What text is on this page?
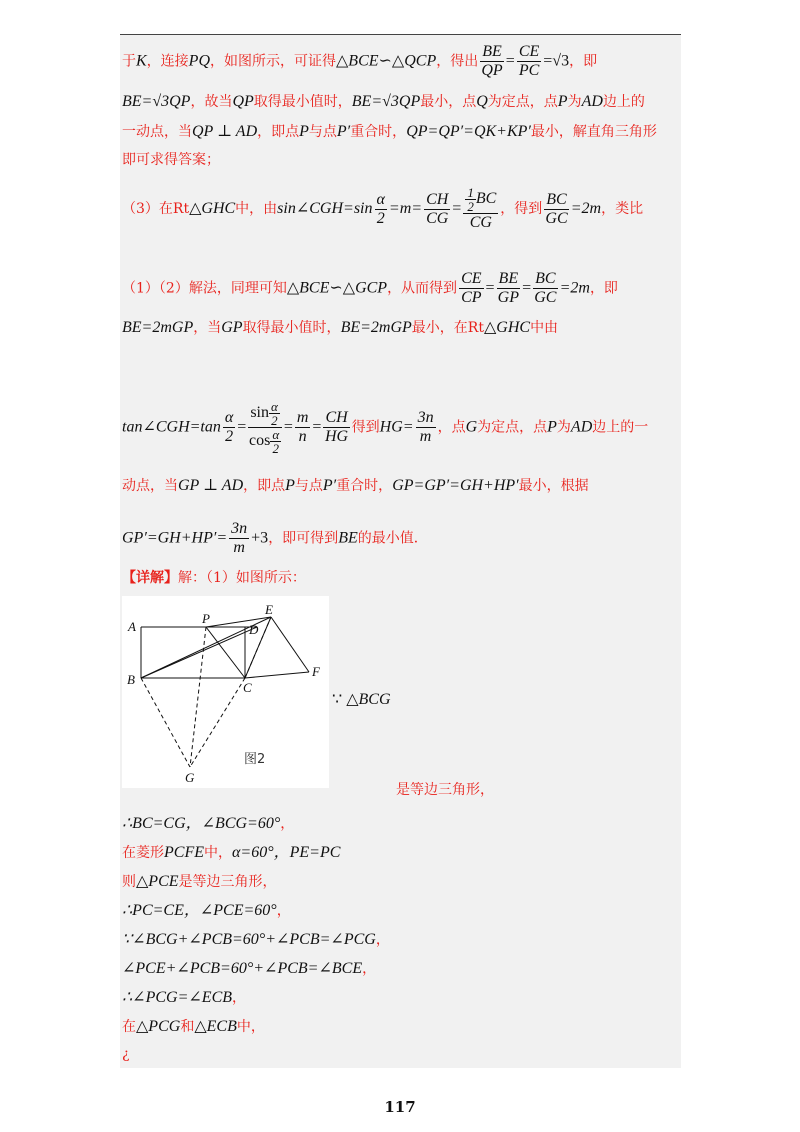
于K，连接PQ，如图所示，可证得△BCE∽△QCP，得出 $\frac{BE}{QP} = \frac{CE}{PC} =√3$，即
BE=√3QP，故当QP取得最小值时，BE=√3QP最小，点Q为定点，点P为AD边上的
一动点，当QP ⊥ AD，即点P与点P′重合时，QP=QP′=QK+KP′最小，解直角三角形
即可求得答案；
（3）在Rt△GHC中，由sin∠CGH=sin $\frac{\alpha}{2} =m= \frac{CH}{CG} = \frac{\frac{1}{2} BC}{CG}$ ，得到 $\frac{BC}{GC} =2m$，类比
（1）（2）解法，同理可知△BCE∽△GCP，从而得到 $\frac{CE}{CP} = \frac{BE}{GP} = \frac{BC}{GC} =2m$，即
BE=2mGP，当GP取得最小值时，BE=2mGP最小，在Rt△GHC中由
tan∠CGH=tan $\frac{\alpha}{2} = \frac{\sin \frac{\alpha}{2}}{\cos \frac{\alpha}{2}} = \frac{m}{n} = \frac{CH}{HG}$ 得到$HG= \frac{3n}{m}$ ，点G为定点，点P为AD边上的一
动点，当GP ⊥ AD，即点P与点P′重合时，GP=GP′=GH+HP′最小，根据
$GP'=GH+HP'= \frac{3n}{m} +3$，即可得到BE的最小值．
【详解】解：（1）如图所示：
A
P
E
D
B
C
F
G
图2
∵ △BCG
是等边三角形，
∴BC=CG，∠BCG=60°，
在菱形PCFE中，α=60°，PE=PC
则△PCE是等边三角形，
∴PC=CE，∠PCE=60°，
∵∠BCG+∠PCB=60°+∠PCB=∠PCG，
∠PCE+∠PCB=60°+∠PCB=∠BCE，
∴∠PCG=∠ECB，
在△PCG和△ECB中，
¿
117
